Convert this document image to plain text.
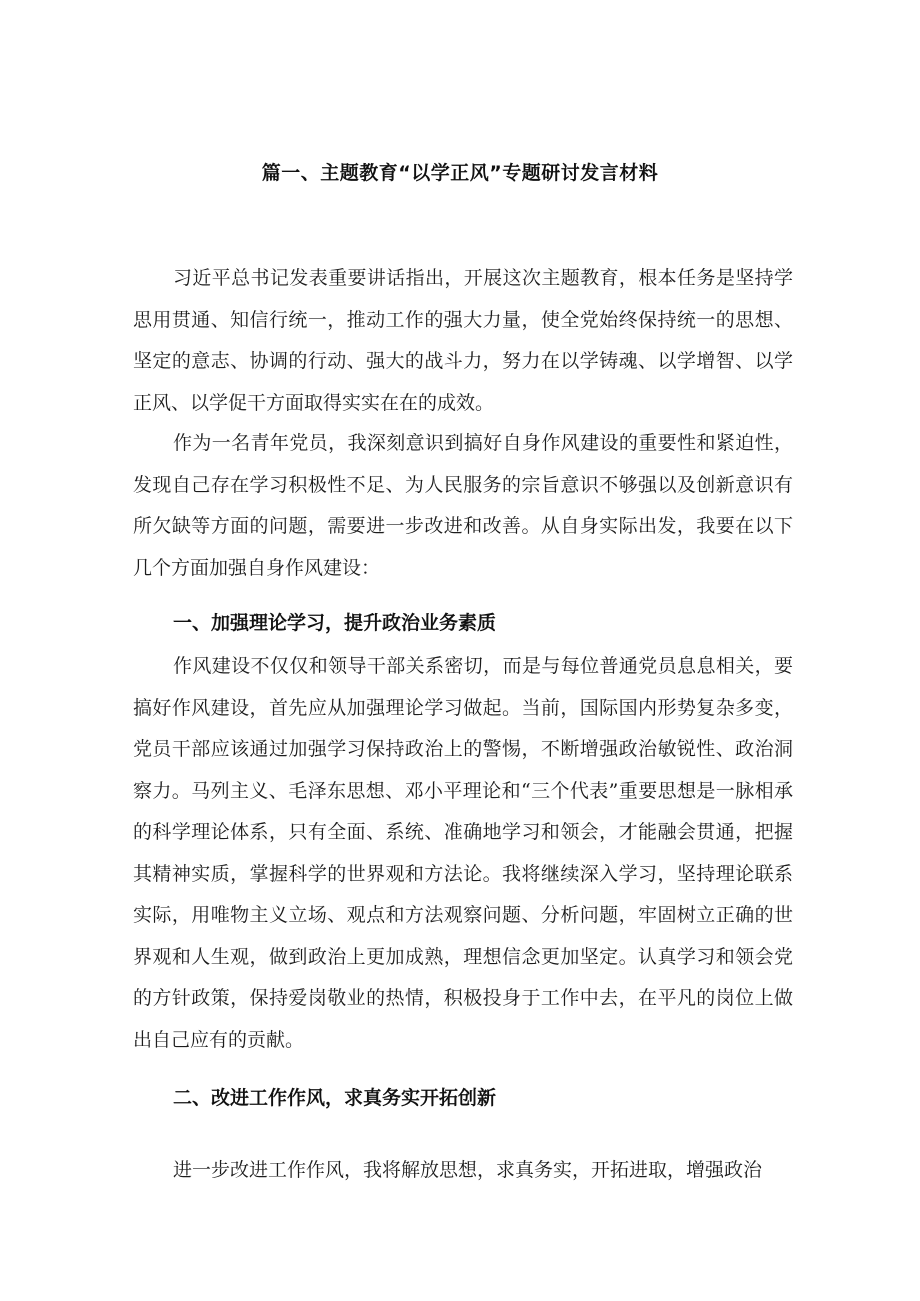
篇一、主题教育“以学正风”专题研讨发言材料

习近平总书记发表重要讲话指出，开展这次主题教育，根本任务是坚持学思用贯通、知信行统一，推动工作的强大力量，使全党始终保持统一的思想、坚定的意志、协调的行动、强大的战斗力，努力在以学铸魂、以学增智、以学正风、以学促干方面取得实实在在的成效。

作为一名青年党员，我深刻意识到搞好自身作风建设的重要性和紧迫性，发现自己存在学习积极性不足、为人民服务的宗旨意识不够强以及创新意识有所欠缺等方面的问题，需要进一步改进和改善。从自身实际出发，我要在以下几个方面加强自身作风建设：

一、加强理论学习，提升政治业务素质

作风建设不仅仅和领导干部关系密切，而是与每位普通党员息息相关，要搞好作风建设，首先应从加强理论学习做起。当前，国际国内形势复杂多变，党员干部应该通过加强学习保持政治上的警惕，不断增强政治敏锐性、政治洞察力。马列主义、毛泽东思想、邓小平理论和“三个代表”重要思想是一脉相承的科学理论体系，只有全面、系统、准确地学习和领会，才能融会贯通，把握其精神实质，掌握科学的世界观和方法论。我将继续深入学习，坚持理论联系实际，用唯物主义立场、观点和方法观察问题、分析问题，牢固树立正确的世界观和人生观，做到政治上更加成熟，理想信念更加坚定。认真学习和领会党的方针政策，保持爱岗敬业的热情，积极投身于工作中去，在平凡的岗位上做出自己应有的贡献。

二、改进工作作风，求真务实开拓创新

进一步改进工作作风，我将解放思想，求真务实，开拓进取，增强政治
